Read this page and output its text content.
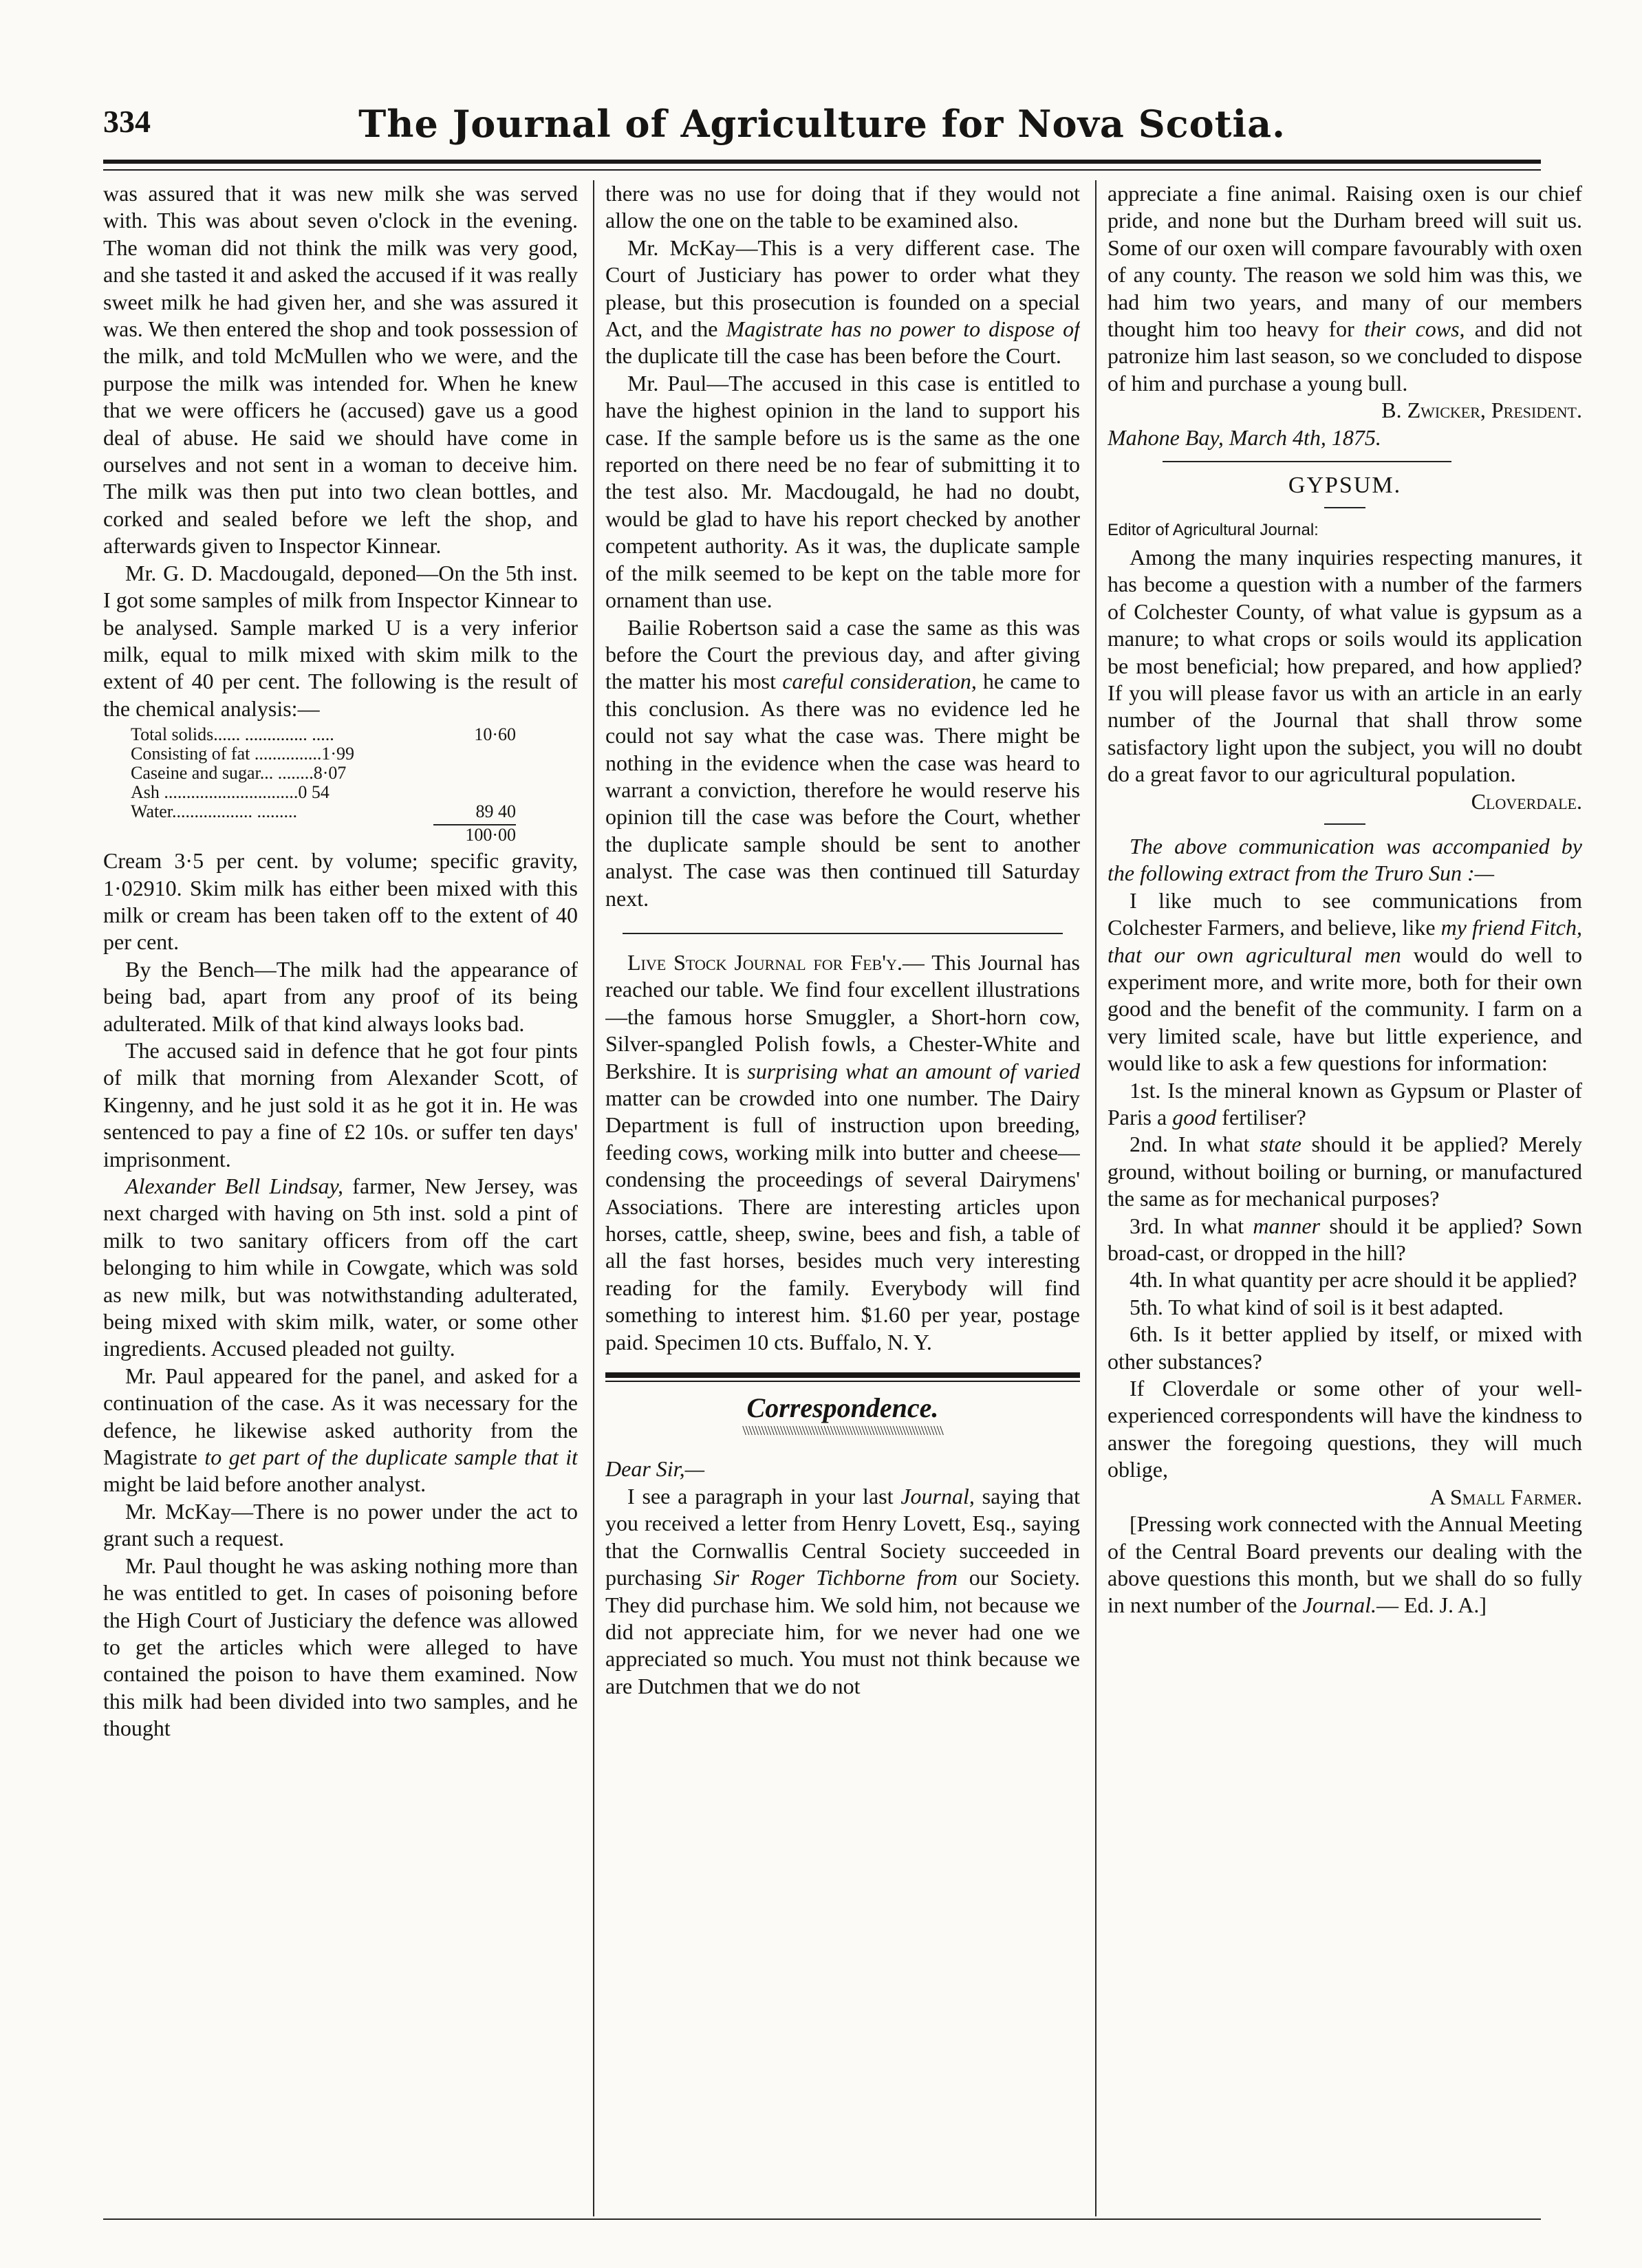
334	The Journal of Agriculture for Nova Scotia.

was assured that it was new milk she was served with. This was about seven o'clock in the evening. The woman did not think the milk was very good, and she tasted it and asked the accused if it was really sweet milk he had given her, and she was assured it was. We then entered the shop and took possession of the milk, and told McMullen who we were, and the purpose the milk was intended for. When he knew that we were officers he (accused) gave us a good deal of abuse. He said we should have come in ourselves and not sent in a woman to deceive him. The milk was then put into two clean bottles, and corked and sealed before we left the shop, and afterwards given to Inspector Kinnear.

Mr. G. D. Macdougald, deponed—On the 5th inst. I got some samples of milk from Inspector Kinnear to be analysed. Sample marked U is a very inferior milk, equal to milk mixed with skim milk to the extent of 40 per cent. The following is the result of the chemical analysis:—

Total solids...... .............. .....	10·60
Consisting of fat ...............1·99
Caseine and sugar... ........8·07
Ash ..............................0 54
Water.................. .........	89 40
100·00

Cream 3·5 per cent. by volume; specific gravity, 1·02910. Skim milk has either been mixed with this milk or cream has been taken off to the extent of 40 per cent.

By the Bench—The milk had the appearance of being bad, apart from any proof of its being adulterated. Milk of that kind always looks bad.

The accused said in defence that he got four pints of milk that morning from Alexander Scott, of Kingenny, and he just sold it as he got it in. He was sentenced to pay a fine of £2 10s. or suffer ten days' imprisonment.

Alexander Bell Lindsay, farmer, New Jersey, was next charged with having on 5th inst. sold a pint of milk to two sanitary officers from off the cart belonging to him while in Cowgate, which was sold as new milk, but was notwithstanding adulterated, being mixed with skim milk, water, or some other ingredients. Accused pleaded not guilty.

Mr. Paul appeared for the panel, and asked for a continuation of the case. As it was necessary for the defence, he likewise asked authority from the Magistrate to get part of the duplicate sample that it might be laid before another analyst.

Mr. McKay—There is no power under the act to grant such a request.

Mr. Paul thought he was asking nothing more than he was entitled to get. In cases of poisoning before the High Court of Justiciary the defence was allowed to get the articles which were alleged to have contained the poison to have them examined. Now this milk had been divided into two samples, and he thought

there was no use for doing that if they would not allow the one on the table to be examined also.

Mr. McKay—This is a very different case. The Court of Justiciary has power to order what they please, but this prosecution is founded on a special Act, and the Magistrate has no power to dispose of the duplicate till the case has been before the Court.

Mr. Paul—The accused in this case is entitled to have the highest opinion in the land to support his case. If the sample before us is the same as the one reported on there need be no fear of submitting it to the test also. Mr. Macdougald, he had no doubt, would be glad to have his report checked by another competent authority. As it was, the duplicate sample of the milk seemed to be kept on the table more for ornament than use.

Bailie Robertson said a case the same as this was before the Court the previous day, and after giving the matter his most careful consideration, he came to this conclusion. As there was no evidence led he could not say what the case was. There might be nothing in the evidence when the case was heard to warrant a conviction, therefore he would reserve his opinion till the case was before the Court, whether the duplicate sample should be sent to another analyst. The case was then continued till Saturday next.

Live Stock Journal for Feb'y.— This Journal has reached our table. We find four excellent illustrations—the famous horse Smuggler, a Short-horn cow, Silver-spangled Polish fowls, a Chester-White and Berkshire. It is surprising what an amount of varied matter can be crowded into one number. The Dairy Department is full of instruction upon breeding, feeding cows, working milk into butter and cheese—condensing the proceedings of several Dairymens' Associations. There are interesting articles upon horses, cattle, sheep, swine, bees and fish, a table of all the fast horses, besides much very interesting reading for the family. Everybody will find something to interest him. $1.60 per year, postage paid. Specimen 10 cts. Buffalo, N. Y.

Correspondence.

\\\\\\\\\\\\\\\\\\\\\\\\\\\\\\\\\\\\\\\\\\\\\\\\\\\\\\\\\\\\\\\\

Dear Sir,—

I see a paragraph in your last Journal, saying that you received a letter from Henry Lovett, Esq., saying that the Cornwallis Central Society succeeded in purchasing Sir Roger Tichborne from our Society. They did purchase him. We sold him, not because we did not appreciate him, for we never had one we appreciated so much. You must not think because we are Dutchmen that we do not

appreciate a fine animal. Raising oxen is our chief pride, and none but the Durham breed will suit us. Some of our oxen will compare favourably with oxen of any county. The reason we sold him was this, we had him two years, and many of our members thought him too heavy for their cows, and did not patronize him last season, so we concluded to dispose of him and purchase a young bull.

B. Zwicker, President.

Mahone Bay, March 4th, 1875.

GYPSUM.

Editor of Agricultural Journal:

Among the many inquiries respecting manures, it has become a question with a number of the farmers of Colchester County, of what value is gypsum as a manure; to what crops or soils would its application be most beneficial; how prepared, and how applied? If you will please favor us with an article in an early number of the Journal that shall throw some satisfactory light upon the subject, you will no doubt do a great favor to our agricultural population.

Cloverdale.

The above communication was accompanied by the following extract from the Truro Sun :—

I like much to see communications from Colchester Farmers, and believe, like my friend Fitch, that our own agricultural men would do well to experiment more, and write more, both for their own good and the benefit of the community. I farm on a very limited scale, have but little experience, and would like to ask a few questions for information:

1st. Is the mineral known as Gypsum or Plaster of Paris a good fertiliser?

2nd. In what state should it be applied? Merely ground, without boiling or burning, or manufactured the same as for mechanical purposes?

3rd. In what manner should it be applied? Sown broad-cast, or dropped in the hill?

4th. In what quantity per acre should it be applied?

5th. To what kind of soil is it best adapted.

6th. Is it better applied by itself, or mixed with other substances?

If Cloverdale or some other of your well-experienced correspondents will have the kindness to answer the foregoing questions, they will much oblige,

A Small Farmer.

[Pressing work connected with the Annual Meeting of the Central Board prevents our dealing with the above questions this month, but we shall do so fully in next number of the Journal.— Ed. J. A.]
